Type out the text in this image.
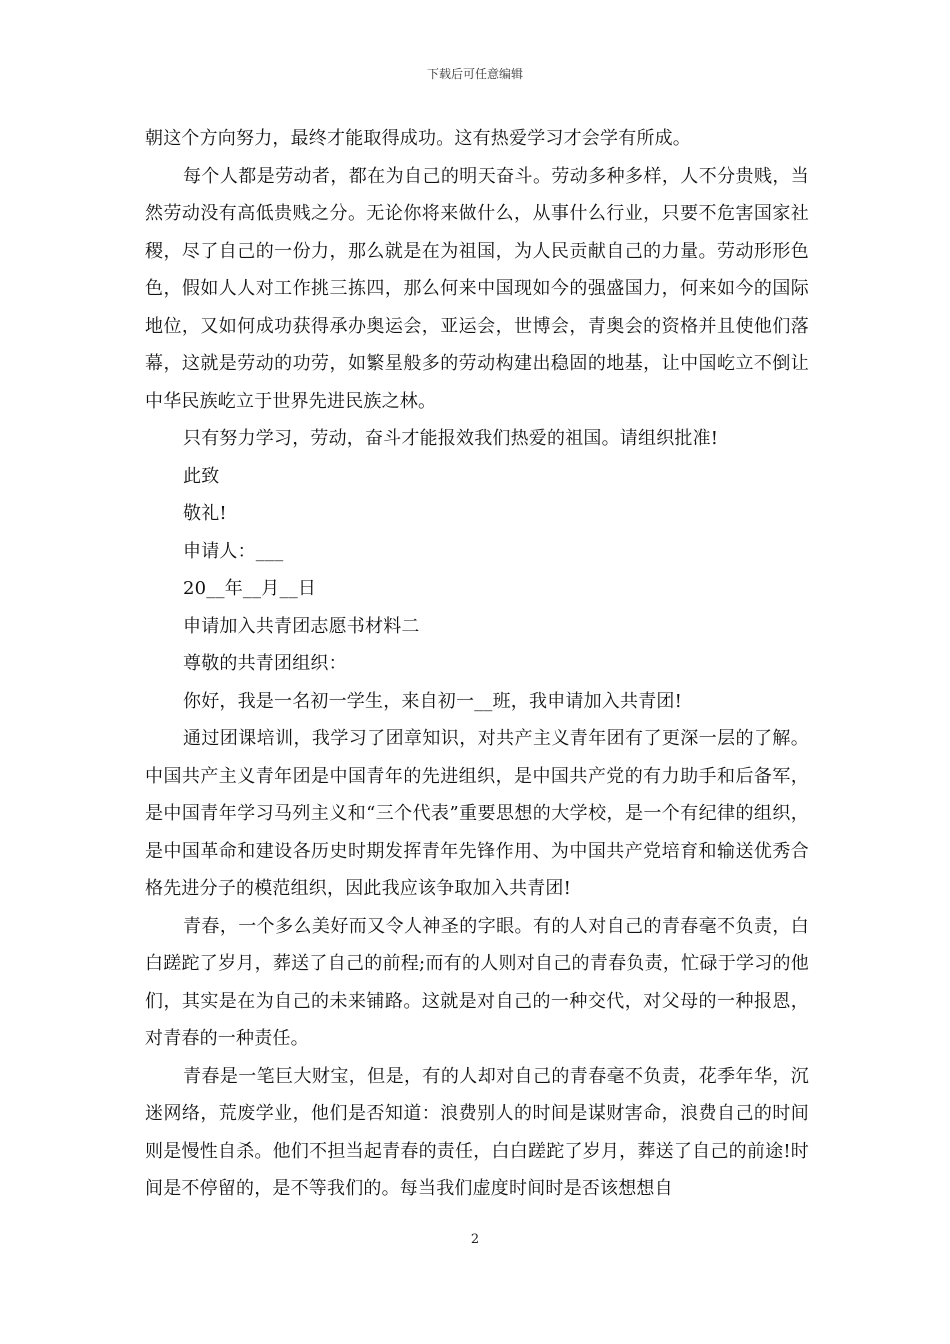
下载后可任意编辑

朝这个方向努力，最终才能取得成功。这有热爱学习才会学有所成。

每个人都是劳动者，都在为自己的明天奋斗。劳动多种多样，人不分贵贱，当然劳动没有高低贵贱之分。无论你将来做什么，从事什么行业，只要不危害国家社稷，尽了自己的一份力，那么就是在为祖国，为人民贡献自己的力量。劳动形形色色，假如人人对工作挑三拣四，那么何来中国现如今的强盛国力，何来如今的国际地位，又如何成功获得承办奥运会，亚运会，世博会，青奥会的资格并且使他们落幕，这就是劳动的功劳，如繁星般多的劳动构建出稳固的地基，让中国屹立不倒让中华民族屹立于世界先进民族之林。

只有努力学习，劳动，奋斗才能报效我们热爱的祖国。请组织批准!

此致

敬礼!

申请人：___

20__年__月__日

申请加入共青团志愿书材料二

尊敬的共青团组织：

你好，我是一名初一学生，来自初一__班，我申请加入共青团!

通过团课培训，我学习了团章知识，对共产主义青年团有了更深一层的了解。中国共产主义青年团是中国青年的先进组织，是中国共产党的有力助手和后备军，是中国青年学习马列主义和“三个代表”重要思想的大学校，是一个有纪律的组织，是中国革命和建设各历史时期发挥青年先锋作用、为中国共产党培育和输送优秀合格先进分子的模范组织，因此我应该争取加入共青团!

青春，一个多么美好而又令人神圣的字眼。有的人对自己的青春毫不负责，白白蹉跎了岁月，葬送了自己的前程;而有的人则对自己的青春负责，忙碌于学习的他们，其实是在为自己的未来铺路。这就是对自己的一种交代，对父母的一种报恩，对青春的一种责任。

青春是一笔巨大财宝，但是，有的人却对自己的青春毫不负责，花季年华，沉迷网络，荒废学业，他们是否知道：浪费别人的时间是谋财害命，浪费自己的时间则是慢性自杀。他们不担当起青春的责任，白白蹉跎了岁月，葬送了自己的前途!时间是不停留的，是不等我们的。每当我们虚度时间时是否该想想自

2
